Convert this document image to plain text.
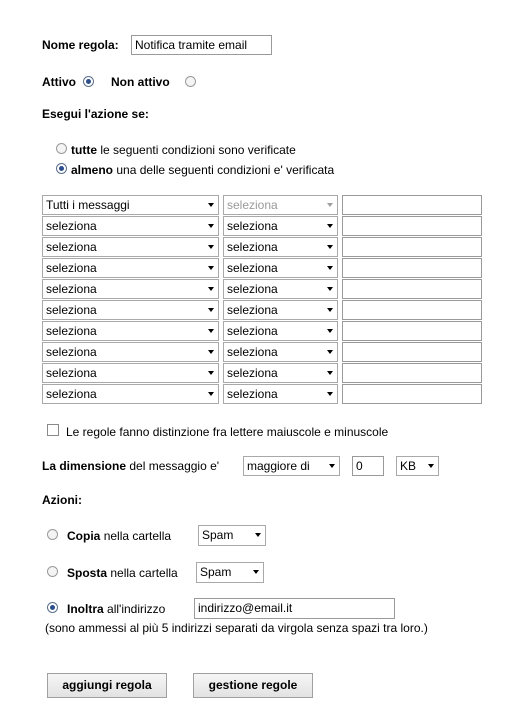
Nome regola:	Notifica tramite email
Attivo	Non attivo
Esegui l'azione se:
tutte le seguenti condizioni sono verificate
almeno una delle seguenti condizioni e' verificata
Tutti i messaggi	seleziona
seleziona	seleziona
seleziona	seleziona
seleziona	seleziona
seleziona	seleziona
seleziona	seleziona
seleziona	seleziona
seleziona	seleziona
seleziona	seleziona
seleziona	seleziona
Le regole fanno distinzione fra lettere maiuscole e minuscole
La dimensione del messaggio e'	maggiore di	0	KB
Azioni:
Copia nella cartella	Spam
Sposta nella cartella	Spam
Inoltra all'indirizzo	indirizzo@email.it
(sono ammessi al più 5 indirizzi separati da virgola senza spazi tra loro.)
aggiungi regola	gestione regole
